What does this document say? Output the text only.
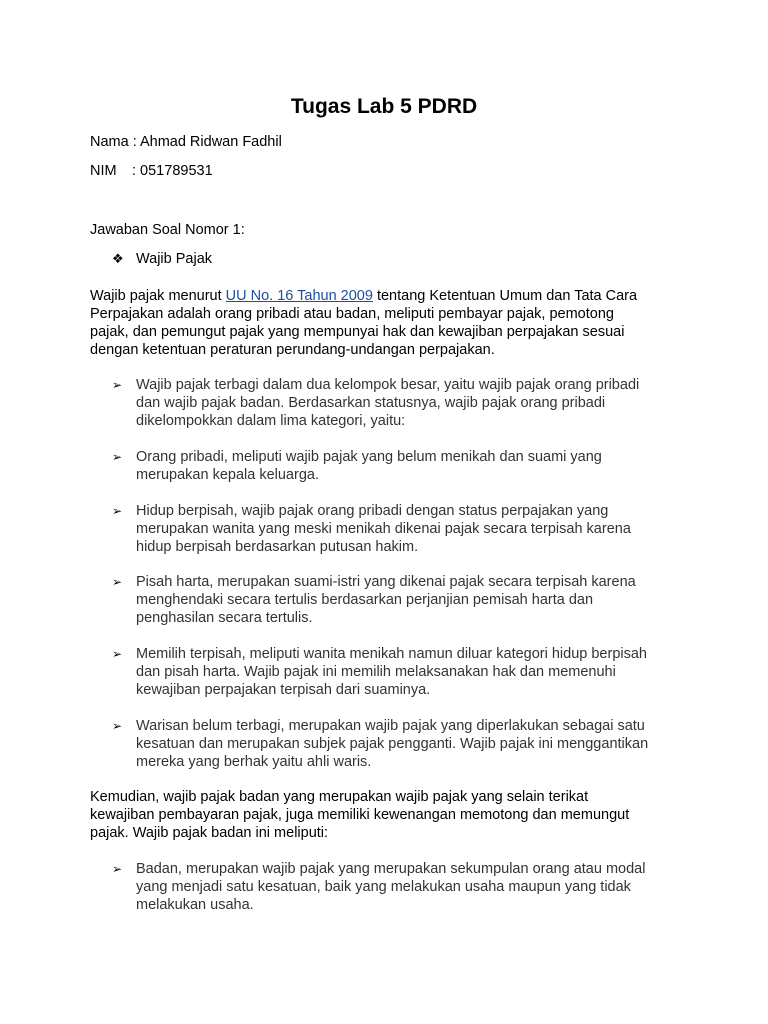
Tugas Lab 5 PDRD
Nama : Ahmad Ridwan Fadhil
NIM : 051789531
Jawaban Soal Nomor 1:
❖ Wajib Pajak
Wajib pajak menurut UU No. 16 Tahun 2009 tentang Ketentuan Umum dan Tata Cara
Perpajakan adalah orang pribadi atau badan, meliputi pembayar pajak, pemotong
pajak, dan pemungut pajak yang mempunyai hak dan kewajiban perpajakan sesuai
dengan ketentuan peraturan perundang-undangan perpajakan.
➢ Wajib pajak terbagi dalam dua kelompok besar, yaitu wajib pajak orang pribadi
dan wajib pajak badan. Berdasarkan statusnya, wajib pajak orang pribadi
dikelompokkan dalam lima kategori, yaitu:
➢ Orang pribadi, meliputi wajib pajak yang belum menikah dan suami yang
merupakan kepala keluarga.
➢ Hidup berpisah, wajib pajak orang pribadi dengan status perpajakan yang
merupakan wanita yang meski menikah dikenai pajak secara terpisah karena
hidup berpisah berdasarkan putusan hakim.
➢ Pisah harta, merupakan suami-istri yang dikenai pajak secara terpisah karena
menghendaki secara tertulis berdasarkan perjanjian pemisah harta dan
penghasilan secara tertulis.
➢ Memilih terpisah, meliputi wanita menikah namun diluar kategori hidup berpisah
dan pisah harta. Wajib pajak ini memilih melaksanakan hak dan memenuhi
kewajiban perpajakan terpisah dari suaminya.
➢ Warisan belum terbagi, merupakan wajib pajak yang diperlakukan sebagai satu
kesatuan dan merupakan subjek pajak pengganti. Wajib pajak ini menggantikan
mereka yang berhak yaitu ahli waris.
Kemudian, wajib pajak badan yang merupakan wajib pajak yang selain terikat
kewajiban pembayaran pajak, juga memiliki kewenangan memotong dan memungut
pajak. Wajib pajak badan ini meliputi:
➢ Badan, merupakan wajib pajak yang merupakan sekumpulan orang atau modal
yang menjadi satu kesatuan, baik yang melakukan usaha maupun yang tidak
melakukan usaha.
